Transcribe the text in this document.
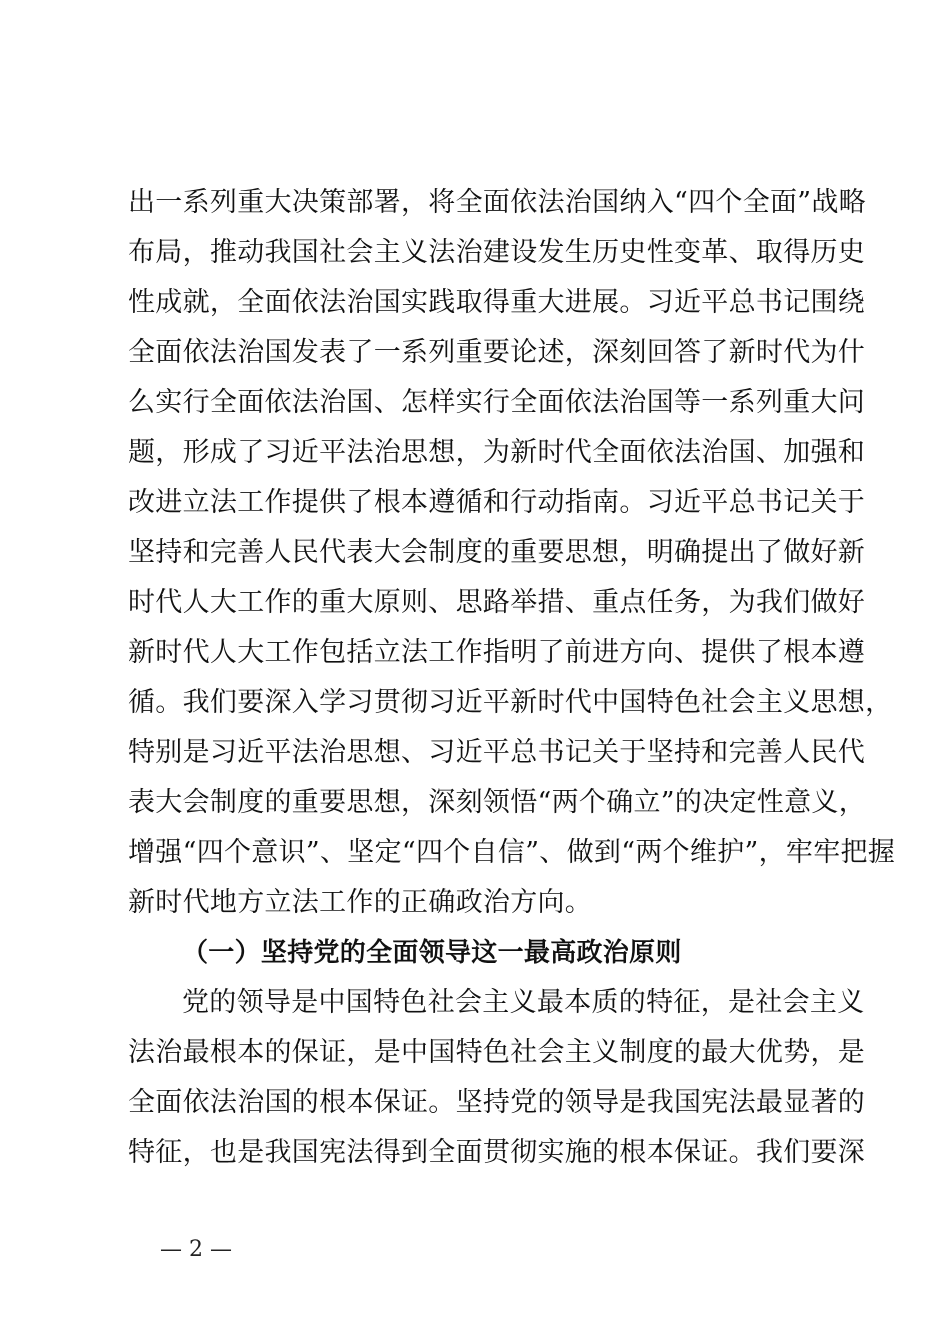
出一系列重大决策部署，将全面依法治国纳入“四个全面”战略
布局，推动我国社会主义法治建设发生历史性变革、取得历史
性成就，全面依法治国实践取得重大进展。习近平总书记围绕
全面依法治国发表了一系列重要论述，深刻回答了新时代为什
么实行全面依法治国、怎样实行全面依法治国等一系列重大问
题，形成了习近平法治思想，为新时代全面依法治国、加强和
改进立法工作提供了根本遵循和行动指南。习近平总书记关于
坚持和完善人民代表大会制度的重要思想，明确提出了做好新
时代人大工作的重大原则、思路举措、重点任务，为我们做好
新时代人大工作包括立法工作指明了前进方向、提供了根本遵
循。我们要深入学习贯彻习近平新时代中国特色社会主义思想，
特别是习近平法治思想、习近平总书记关于坚持和完善人民代
表大会制度的重要思想，深刻领悟“两个确立”的决定性意义，
增强“四个意识”、坚定“四个自信”、做到“两个维护”，牢牢把握
新时代地方立法工作的正确政治方向。
（一）坚持党的全面领导这一最高政治原则
党的领导是中国特色社会主义最本质的特征，是社会主义
法治最根本的保证，是中国特色社会主义制度的最大优势，是
全面依法治国的根本保证。坚持党的领导是我国宪法最显著的
特征，也是我国宪法得到全面贯彻实施的根本保证。我们要深
— 2 —
